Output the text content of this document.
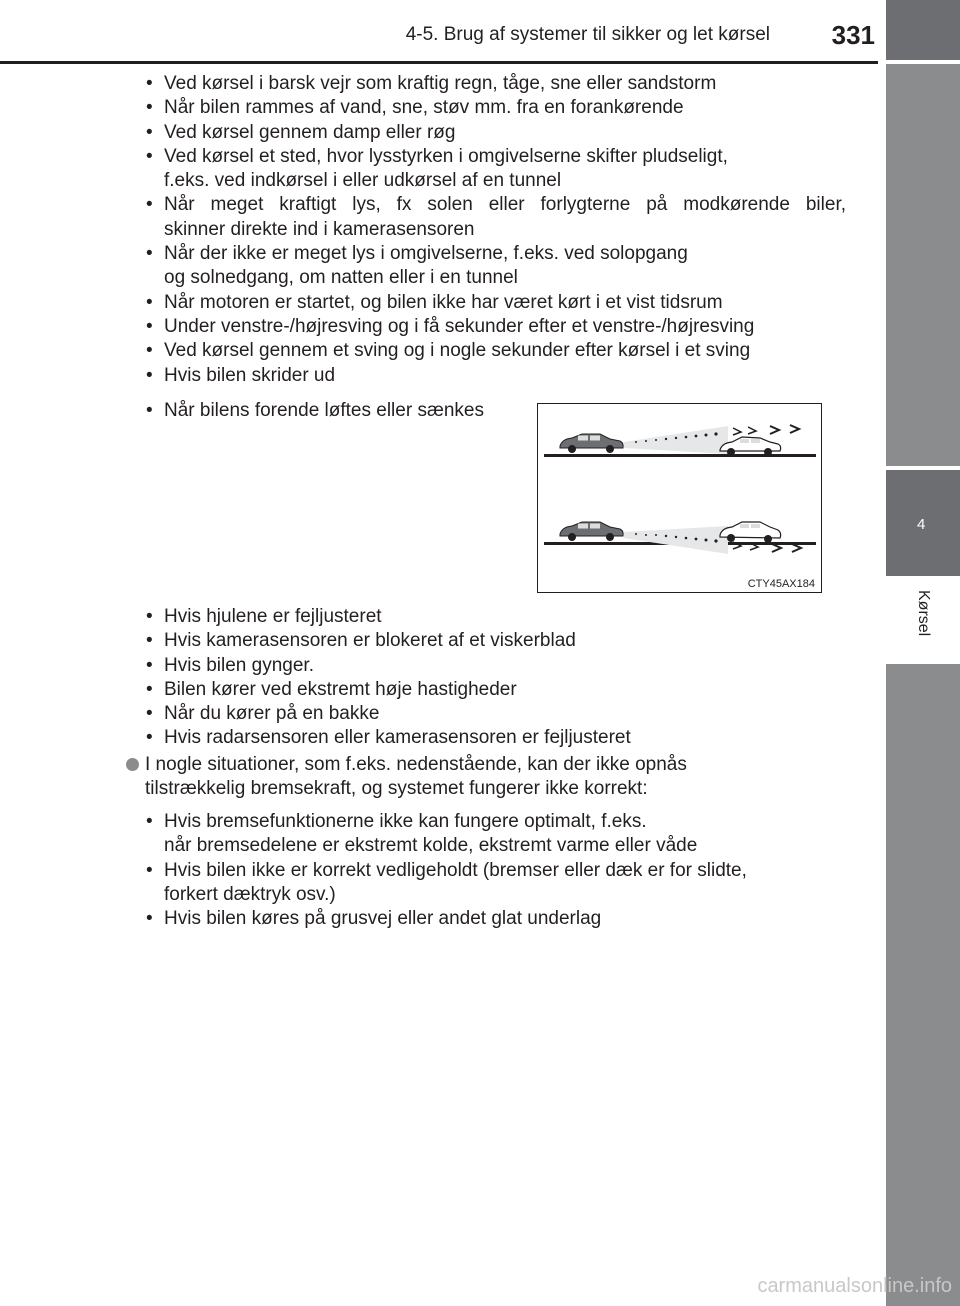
4
Kørsel
4-5. Brug af systemer til sikker og let kørsel 331
• Ved kørsel i barsk vejr som kraftig regn, tåge, sne eller sandstorm
• Når bilen rammes af vand, sne, støv mm. fra en forankørende
• Ved kørsel gennem damp eller røg
• Ved kørsel et sted, hvor lysstyrken i omgivelserne skifter pludseligt,
f.eks. ved indkørsel i eller udkørsel af en tunnel
• Når meget kraftigt lys, fx solen eller forlygterne på modkørende biler,
skinner direkte ind i kamerasensoren
• Når der ikke er meget lys i omgivelserne, f.eks. ved solopgang
og solnedgang, om natten eller i en tunnel
• Når motoren er startet, og bilen ikke har været kørt i et vist tidsrum
• Under venstre-/højresving og i få sekunder efter et venstre-/højresving
• Ved kørsel gennem et sving og i nogle sekunder efter kørsel i et sving
• Hvis bilen skrider ud
• Når bilens forende løftes eller sænkes
CTY45AX184
• Hvis hjulene er fejljusteret
• Hvis kamerasensoren er blokeret af et viskerblad
• Hvis bilen gynger.
• Bilen kører ved ekstremt høje hastigheder
• Når du kører på en bakke
• Hvis radarsensoren eller kamerasensoren er fejljusteret
I nogle situationer, som f.eks. nedenstående, kan der ikke opnås
tilstrækkelig bremsekraft, og systemet fungerer ikke korrekt:
• Hvis bremsefunktionerne ikke kan fungere optimalt, f.eks.
når bremsedelene er ekstremt kolde, ekstremt varme eller våde
• Hvis bilen ikke er korrekt vedligeholdt (bremser eller dæk er for slidte,
forkert dæktryk osv.)
• Hvis bilen køres på grusvej eller andet glat underlag
carmanualsonline.info
